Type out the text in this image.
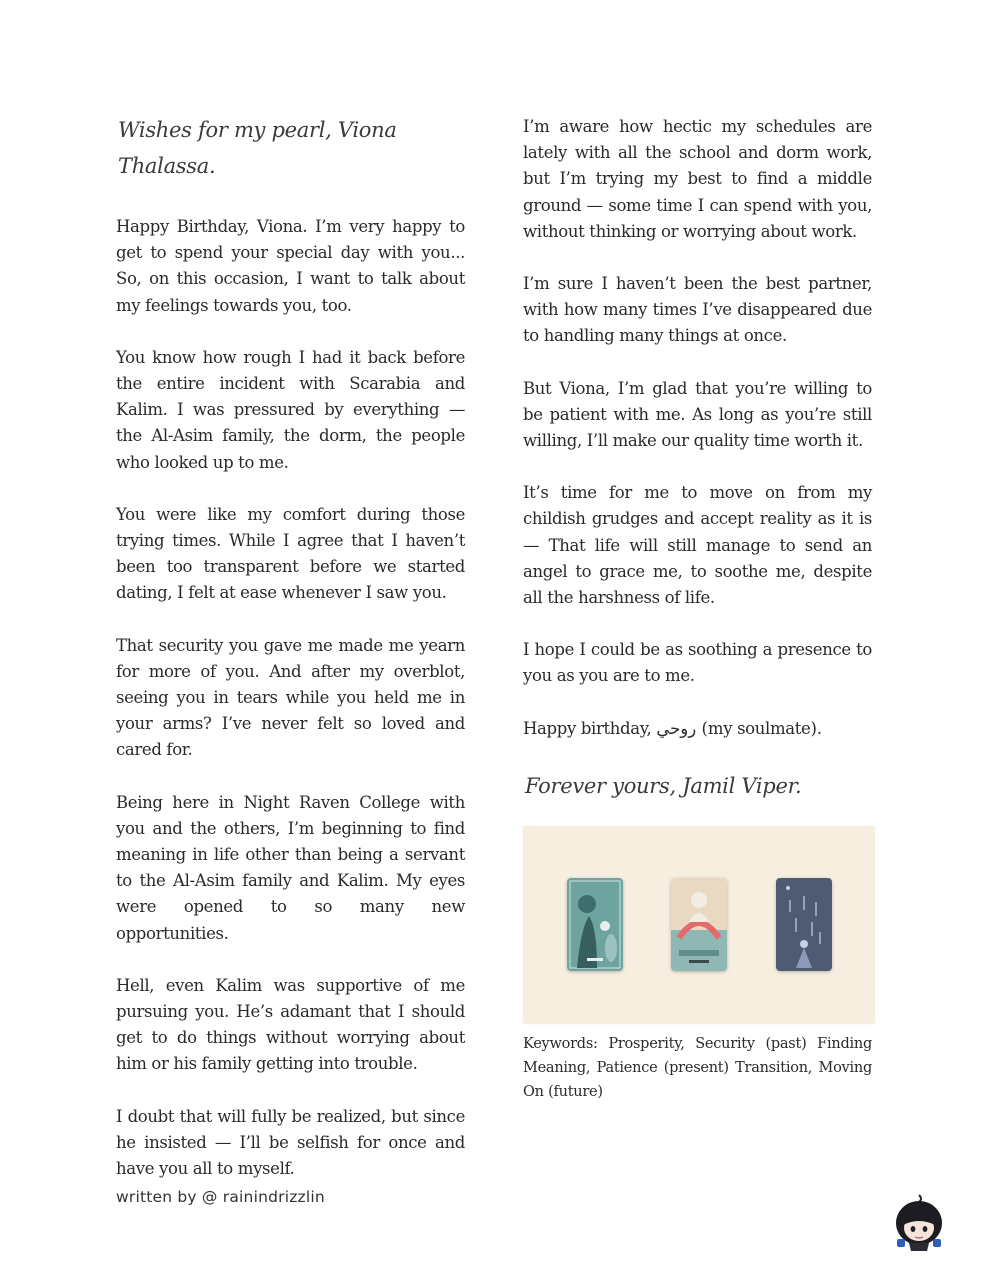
Wishes for my pearl, Viona Thalassa.

Happy Birthday, Viona. I’m very happy to get to spend your special day with you... So, on this occasion, I want to talk about my feelings towards you, too.

You know how rough I had it back before the entire incident with Scarabia and Kalim. I was pressured by everything — the Al-Asim family, the dorm, the people who looked up to me.

You were like my comfort during those trying times. While I agree that I haven’t been too transparent before we started dating, I felt at ease whenever I saw you.

That security you gave me made me yearn for more of you. And after my overblot, seeing you in tears while you held me in your arms? I’ve never felt so loved and cared for.

Being here in Night Raven College with you and the others, I’m beginning to find meaning in life other than being a servant to the Al-Asim family and Kalim. My eyes were opened to so many new opportunities.

Hell, even Kalim was supportive of me pursuing you. He’s adamant that I should get to do things without worrying about him or his family getting into trouble.

I doubt that will fully be realized, but since he insisted — I’ll be selfish for once and have you all to myself.

I’m aware how hectic my schedules are lately with all the school and dorm work, but I’m trying my best to find a middle ground — some time I can spend with you, without thinking or worrying about work.

I’m sure I haven’t been the best partner, with how many times I’ve disappeared due to handling many things at once.

But Viona, I’m glad that you’re willing to be patient with me. As long as you’re still willing, I’ll make our quality time worth it.

It’s time for me to move on from my childish grudges and accept reality as it is — That life will still manage to send an angel to grace me, to soothe me, despite all the harshness of life.

I hope I could be as soothing a presence to you as you are to me.

Happy birthday, روحي (my soulmate).

Forever yours, Jamil Viper.
Keywords: Prosperity, Security (past) Finding Meaning, Patience (present) Transition, Moving On (future)
written by @ rainindrizzlin
